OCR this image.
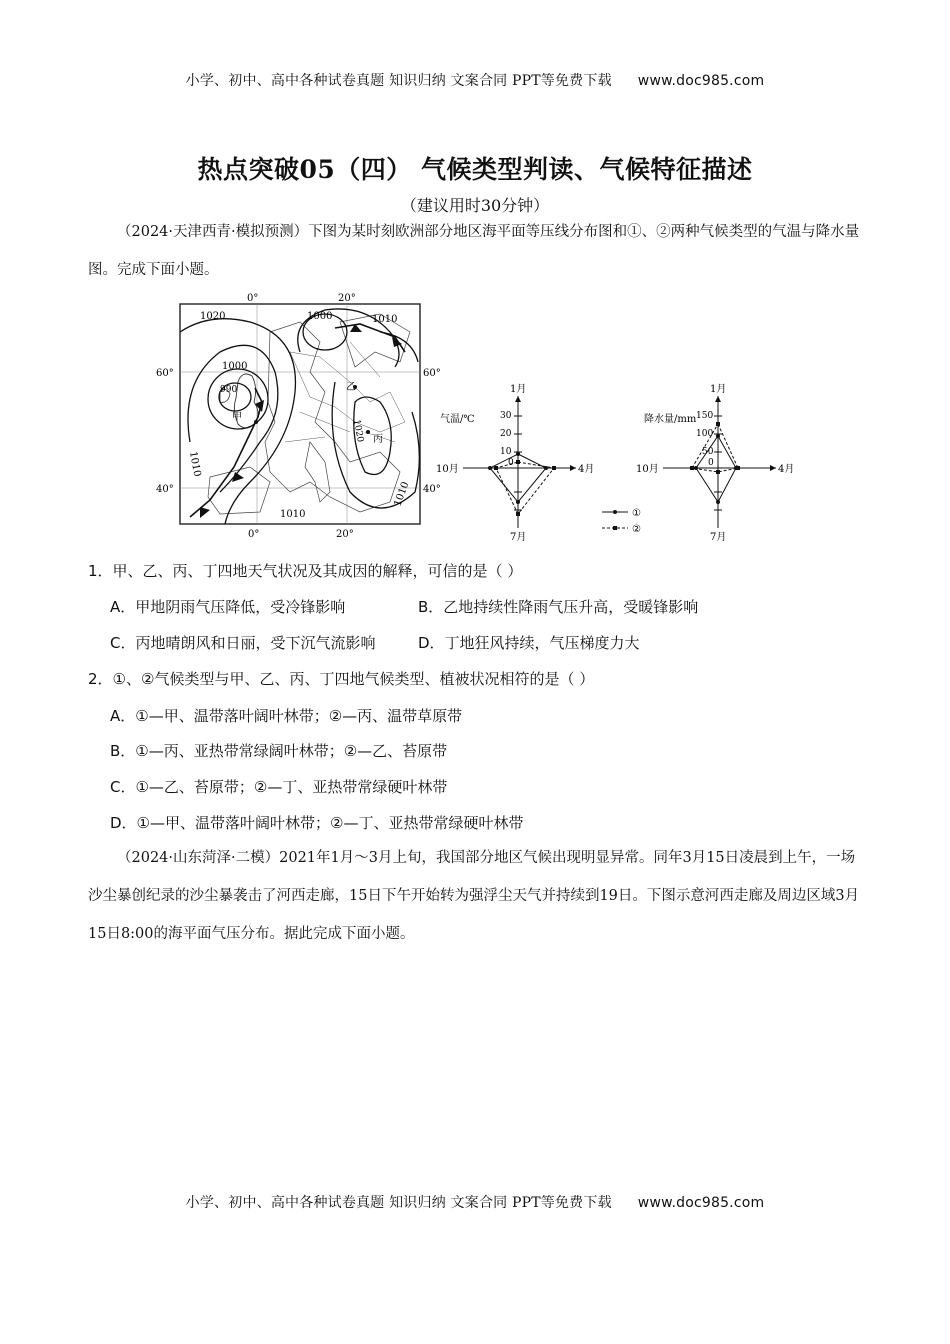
小学、初中、高中各种试卷真题 知识归纳 文案合同 PPT等免费下载 www.doc985.com
热点突破05（四） 气候类型判读、气候特征描述
（建议用时30分钟）
（2024·天津西青·模拟预测）下图为某时刻欧洲部分地区海平面等压线分布图和①、②两种气候类型的气温与降水量图。完成下面小题。
0°	20°
0°	20°
60°
40°
60°
40°
1020
1000
1010
1000
990
1010
1020
1010
1010
甲
乙
丙
气温/℃
1月
4月
7月
10月
30
20
10
0
降水量/mm
1月
4月
7月
10月
150
100
50
0
①
②
1．甲、乙、丙、丁四地天气状况及其成因的解释，可信的是（ ）
A．甲地阴雨气压降低，受冷锋影响	B．乙地持续性降雨气压升高，受暖锋影响
C．丙地晴朗风和日丽，受下沉气流影响	D．丁地狂风持续，气压梯度力大
2．①、②气候类型与甲、乙、丙、丁四地气候类型、植被状况相符的是（ ）
A．①—甲、温带落叶阔叶林带；②—丙、温带草原带
B．①—丙、亚热带常绿阔叶林带；②—乙、苔原带
C．①—乙、苔原带；②—丁、亚热带常绿硬叶林带
D．①—甲、温带落叶阔叶林带；②—丁、亚热带常绿硬叶林带
（2024·山东菏泽·二模）2021年1月～3月上旬，我国部分地区气候出现明显异常。同年3月15日凌晨到上午，一场沙尘暴创纪录的沙尘暴袭击了河西走廊，15日下午开始转为强浮尘天气并持续到19日。下图示意河西走廊及周边区域3月15日8:00的海平面气压分布。据此完成下面小题。
小学、初中、高中各种试卷真题 知识归纳 文案合同 PPT等免费下载 www.doc985.com
